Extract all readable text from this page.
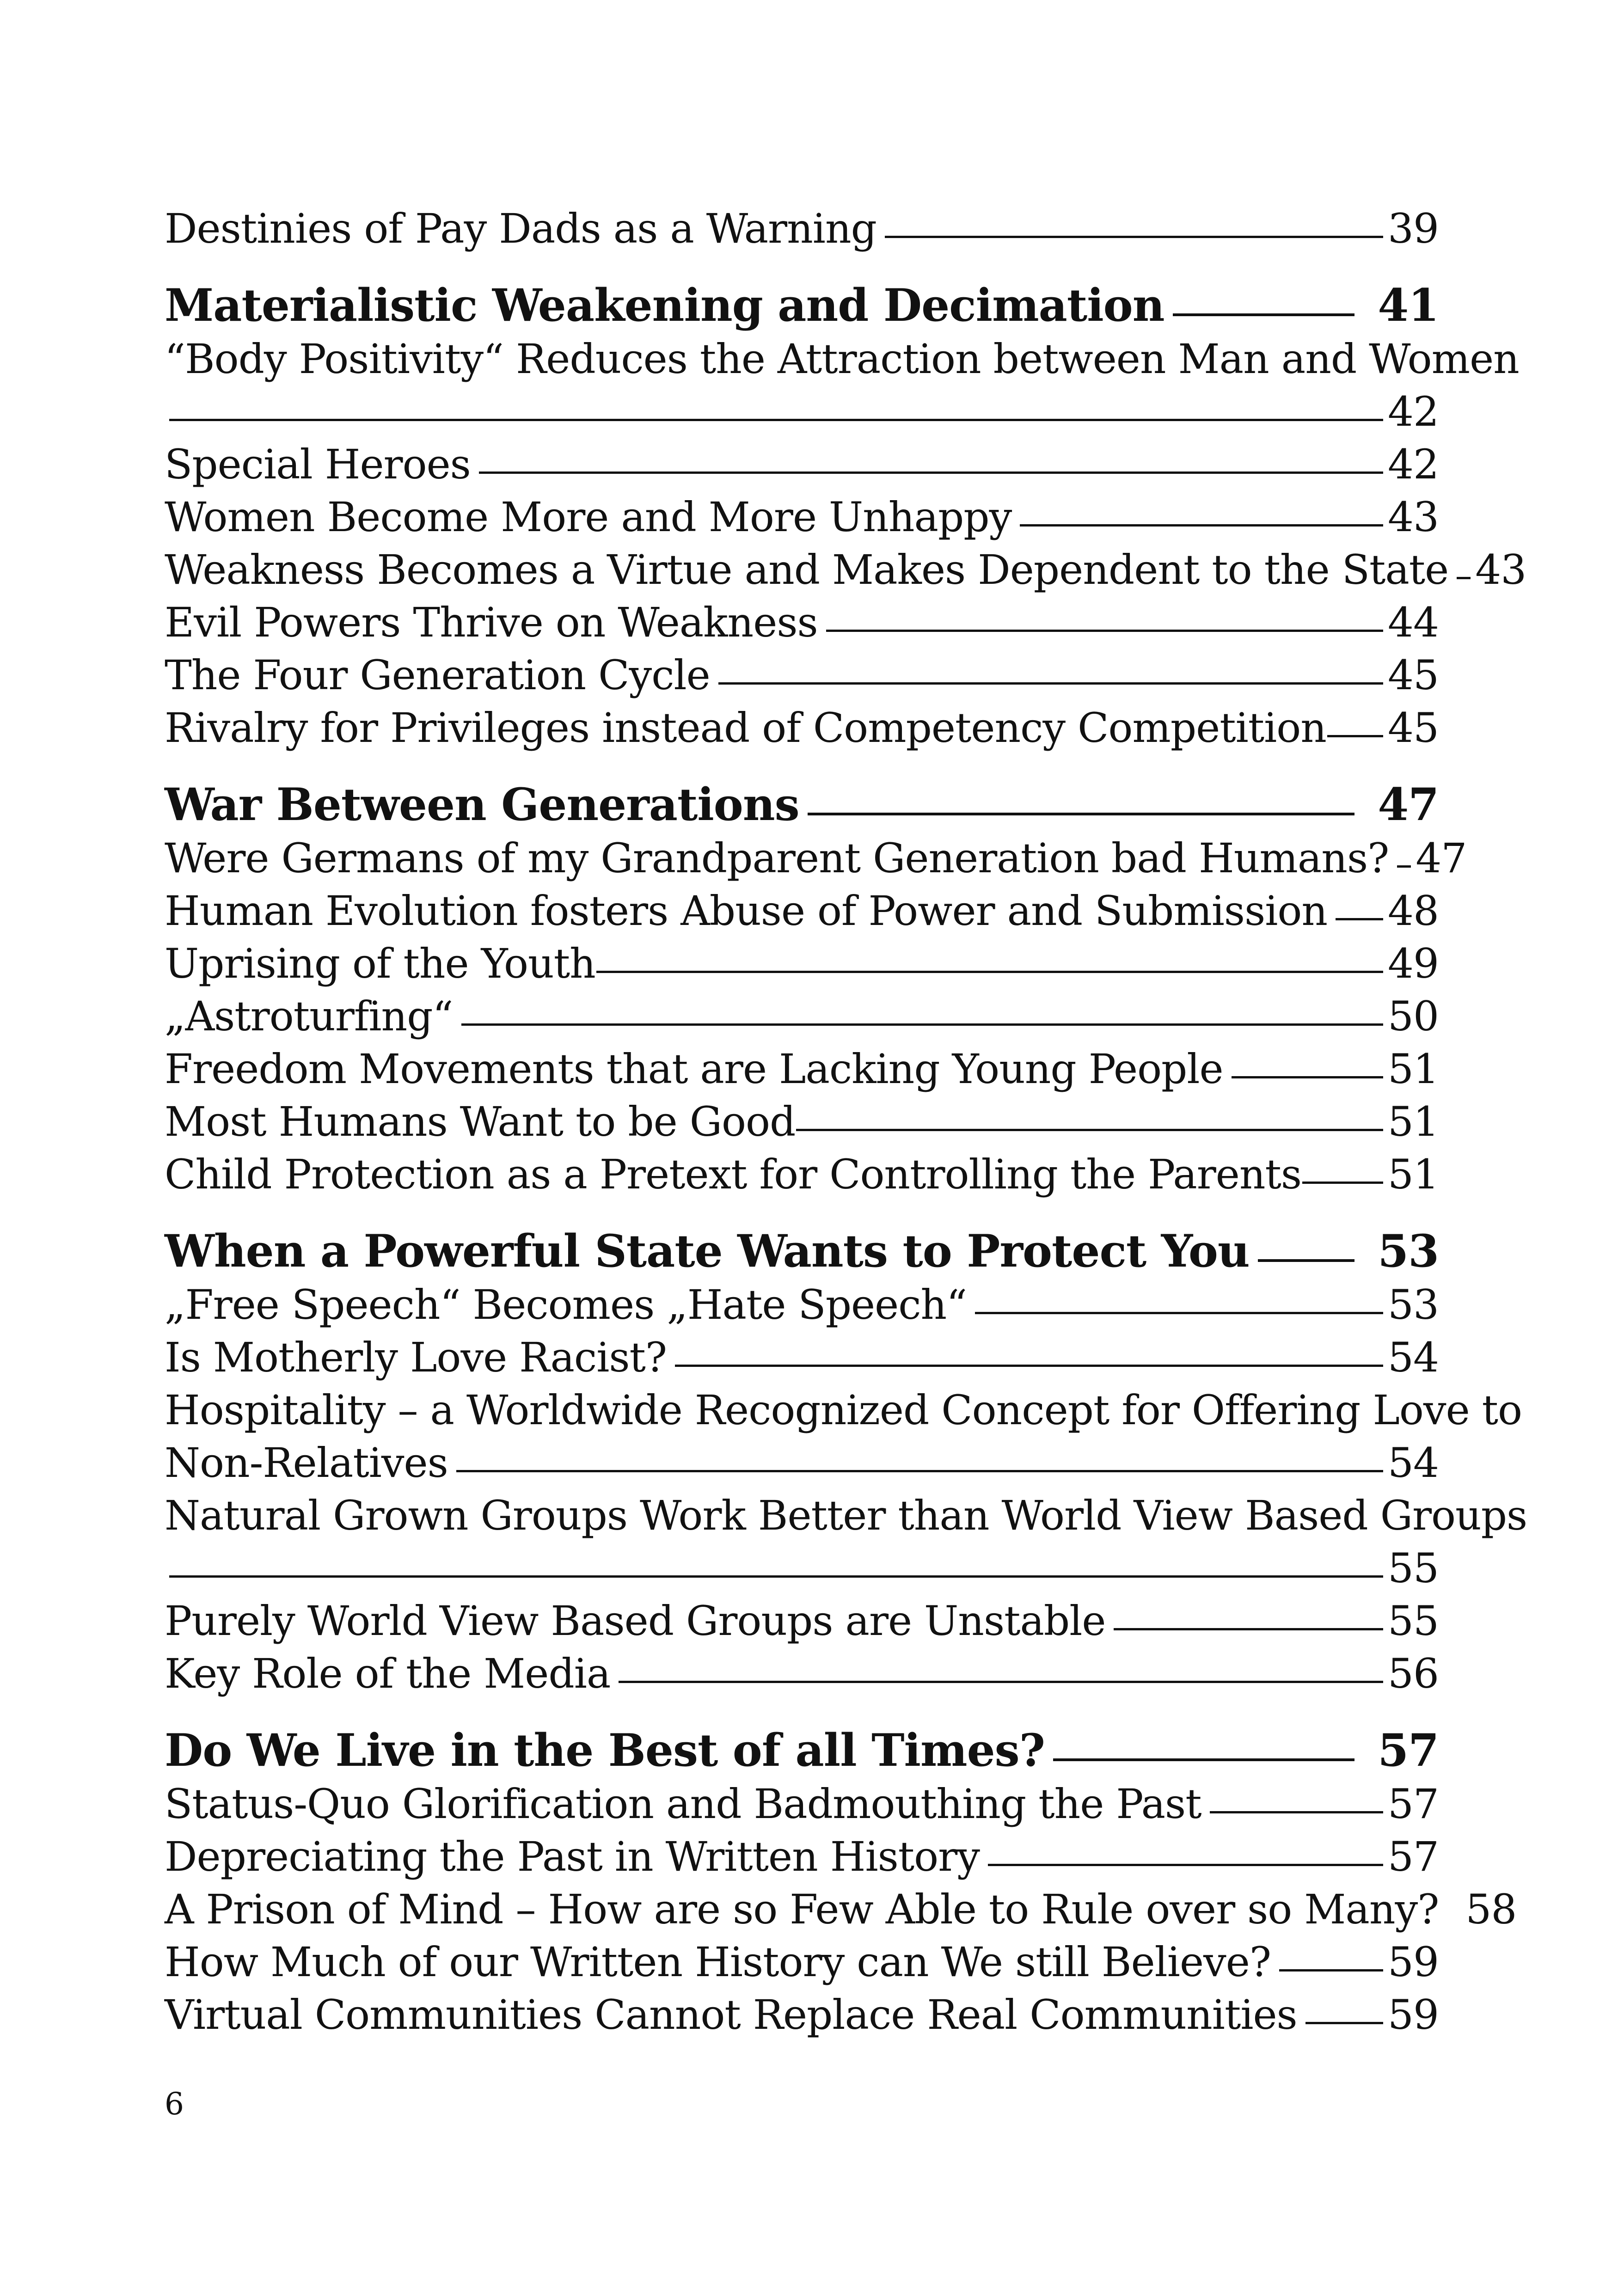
Destinies of Pay Dads as a Warning	39
Materialistic Weakening and Decimation	41
“Body Positivity“ Reduces the Attraction between Man and Women
42
Special Heroes	42
Women Become More and More Unhappy	43
Weakness Becomes a Virtue and Makes Dependent to the State 43
Evil Powers Thrive on Weakness	44
The Four Generation Cycle	45
Rivalry for Privileges instead of Competency Competition 45
War Between Generations	47
Were Germans of my Grandparent Generation bad Humans? 47
Human Evolution fosters Abuse of Power and Submission 48
Uprising of the Youth	49
„Astroturfing“	50
Freedom Movements that are Lacking Young People	51
Most Humans Want to be Good	51
Child Protection as a Pretext for Controlling the Parents 51
When a Powerful State Wants to Protect You	53
„Free Speech“ Becomes „Hate Speech“	53
Is Motherly Love Racist?	54
Hospitality – a Worldwide Recognized Concept for Offering Love to
Non-Relatives	54
Natural Grown Groups Work Better than World View Based Groups
55
Purely World View Based Groups are Unstable	55
Key Role of the Media	56
Do We Live in the Best of all Times?	57
Status-Quo Glorification and Badmouthing the Past	57
Depreciating the Past in Written History	57
A Prison of Mind – How are so Few Able to Rule over so Many? 58
How Much of our Written History can We still Believe?	59
Virtual Communities Cannot Replace Real Communities 59
6
